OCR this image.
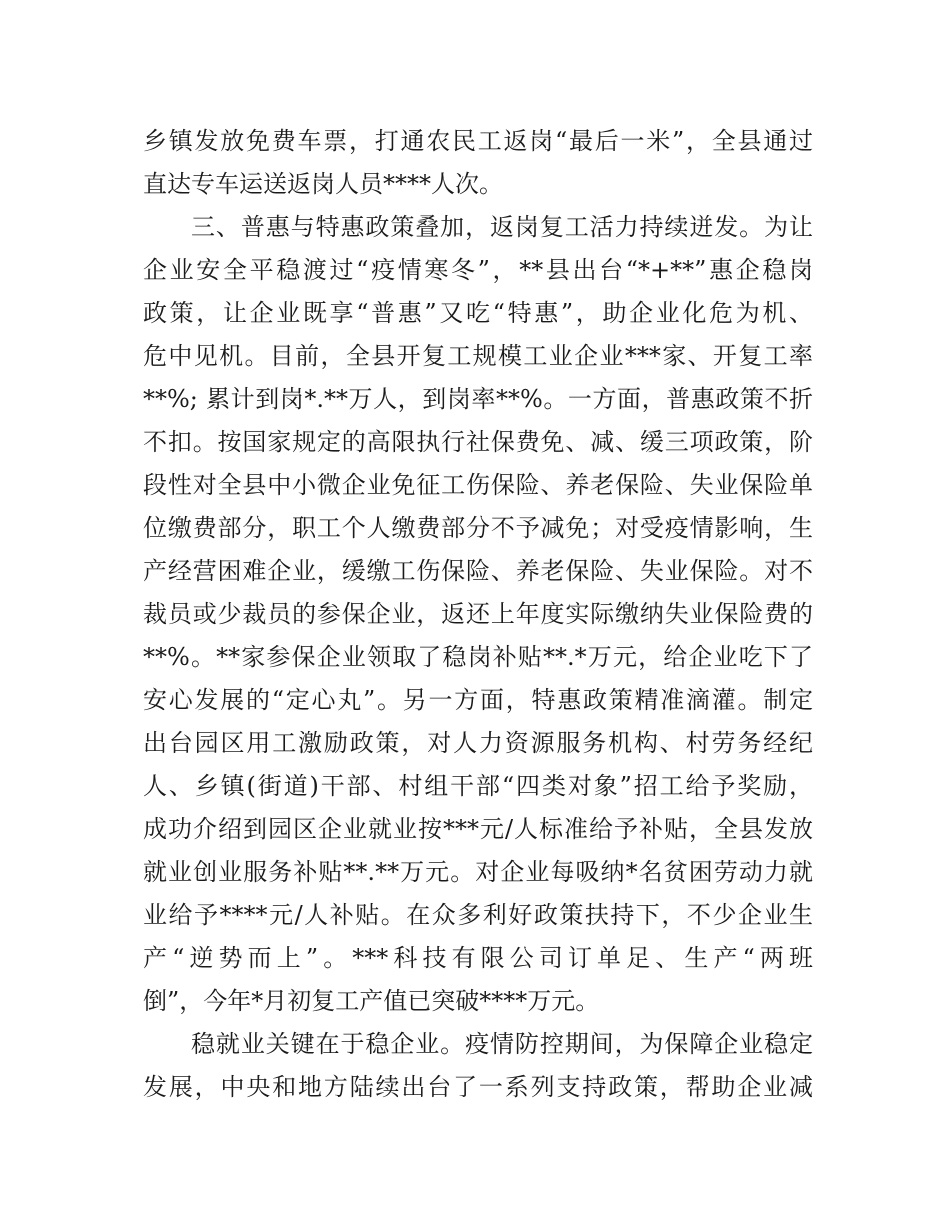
乡镇发放免费车票，打通农民工返岗“最后一米”，全县通过
直达专车运送返岗人员****人次。
三、普惠与特惠政策叠加，返岗复工活力持续迸发。为让
企业安全平稳渡过“疫情寒冬”，**县出台“*+**”惠企稳岗
政策，让企业既享“普惠”又吃“特惠”，助企业化危为机、
危中见机。目前，全县开复工规模工业企业***家、开复工率
**%; 累计到岗*.**万人，到岗率**%。一方面，普惠政策不折
不扣。按国家规定的高限执行社保费免、减、缓三项政策，阶
段性对全县中小微企业免征工伤保险、养老保险、失业保险单
位缴费部分，职工个人缴费部分不予减免；对受疫情影响，生
产经营困难企业，缓缴工伤保险、养老保险、失业保险。对不
裁员或少裁员的参保企业，返还上年度实际缴纳失业保险费的
**%。**家参保企业领取了稳岗补贴**.*万元，给企业吃下了
安心发展的“定心丸”。另一方面，特惠政策精准滴灌。制定
出台园区用工激励政策，对人力资源服务机构、村劳务经纪
人、乡镇(街道)干部、村组干部“四类对象”招工给予奖励，
成功介绍到园区企业就业按***元/人标准给予补贴，全县发放
就业创业服务补贴**.**万元。对企业每吸纳*名贫困劳动力就
业给予****元/人补贴。在众多利好政策扶持下，不少企业生
产“逆势而上”。***科技有限公司订单足、生产“两班
倒”，今年*月初复工产值已突破****万元。
稳就业关键在于稳企业。疫情防控期间，为保障企业稳定
发展，中央和地方陆续出台了一系列支持政策，帮助企业减
